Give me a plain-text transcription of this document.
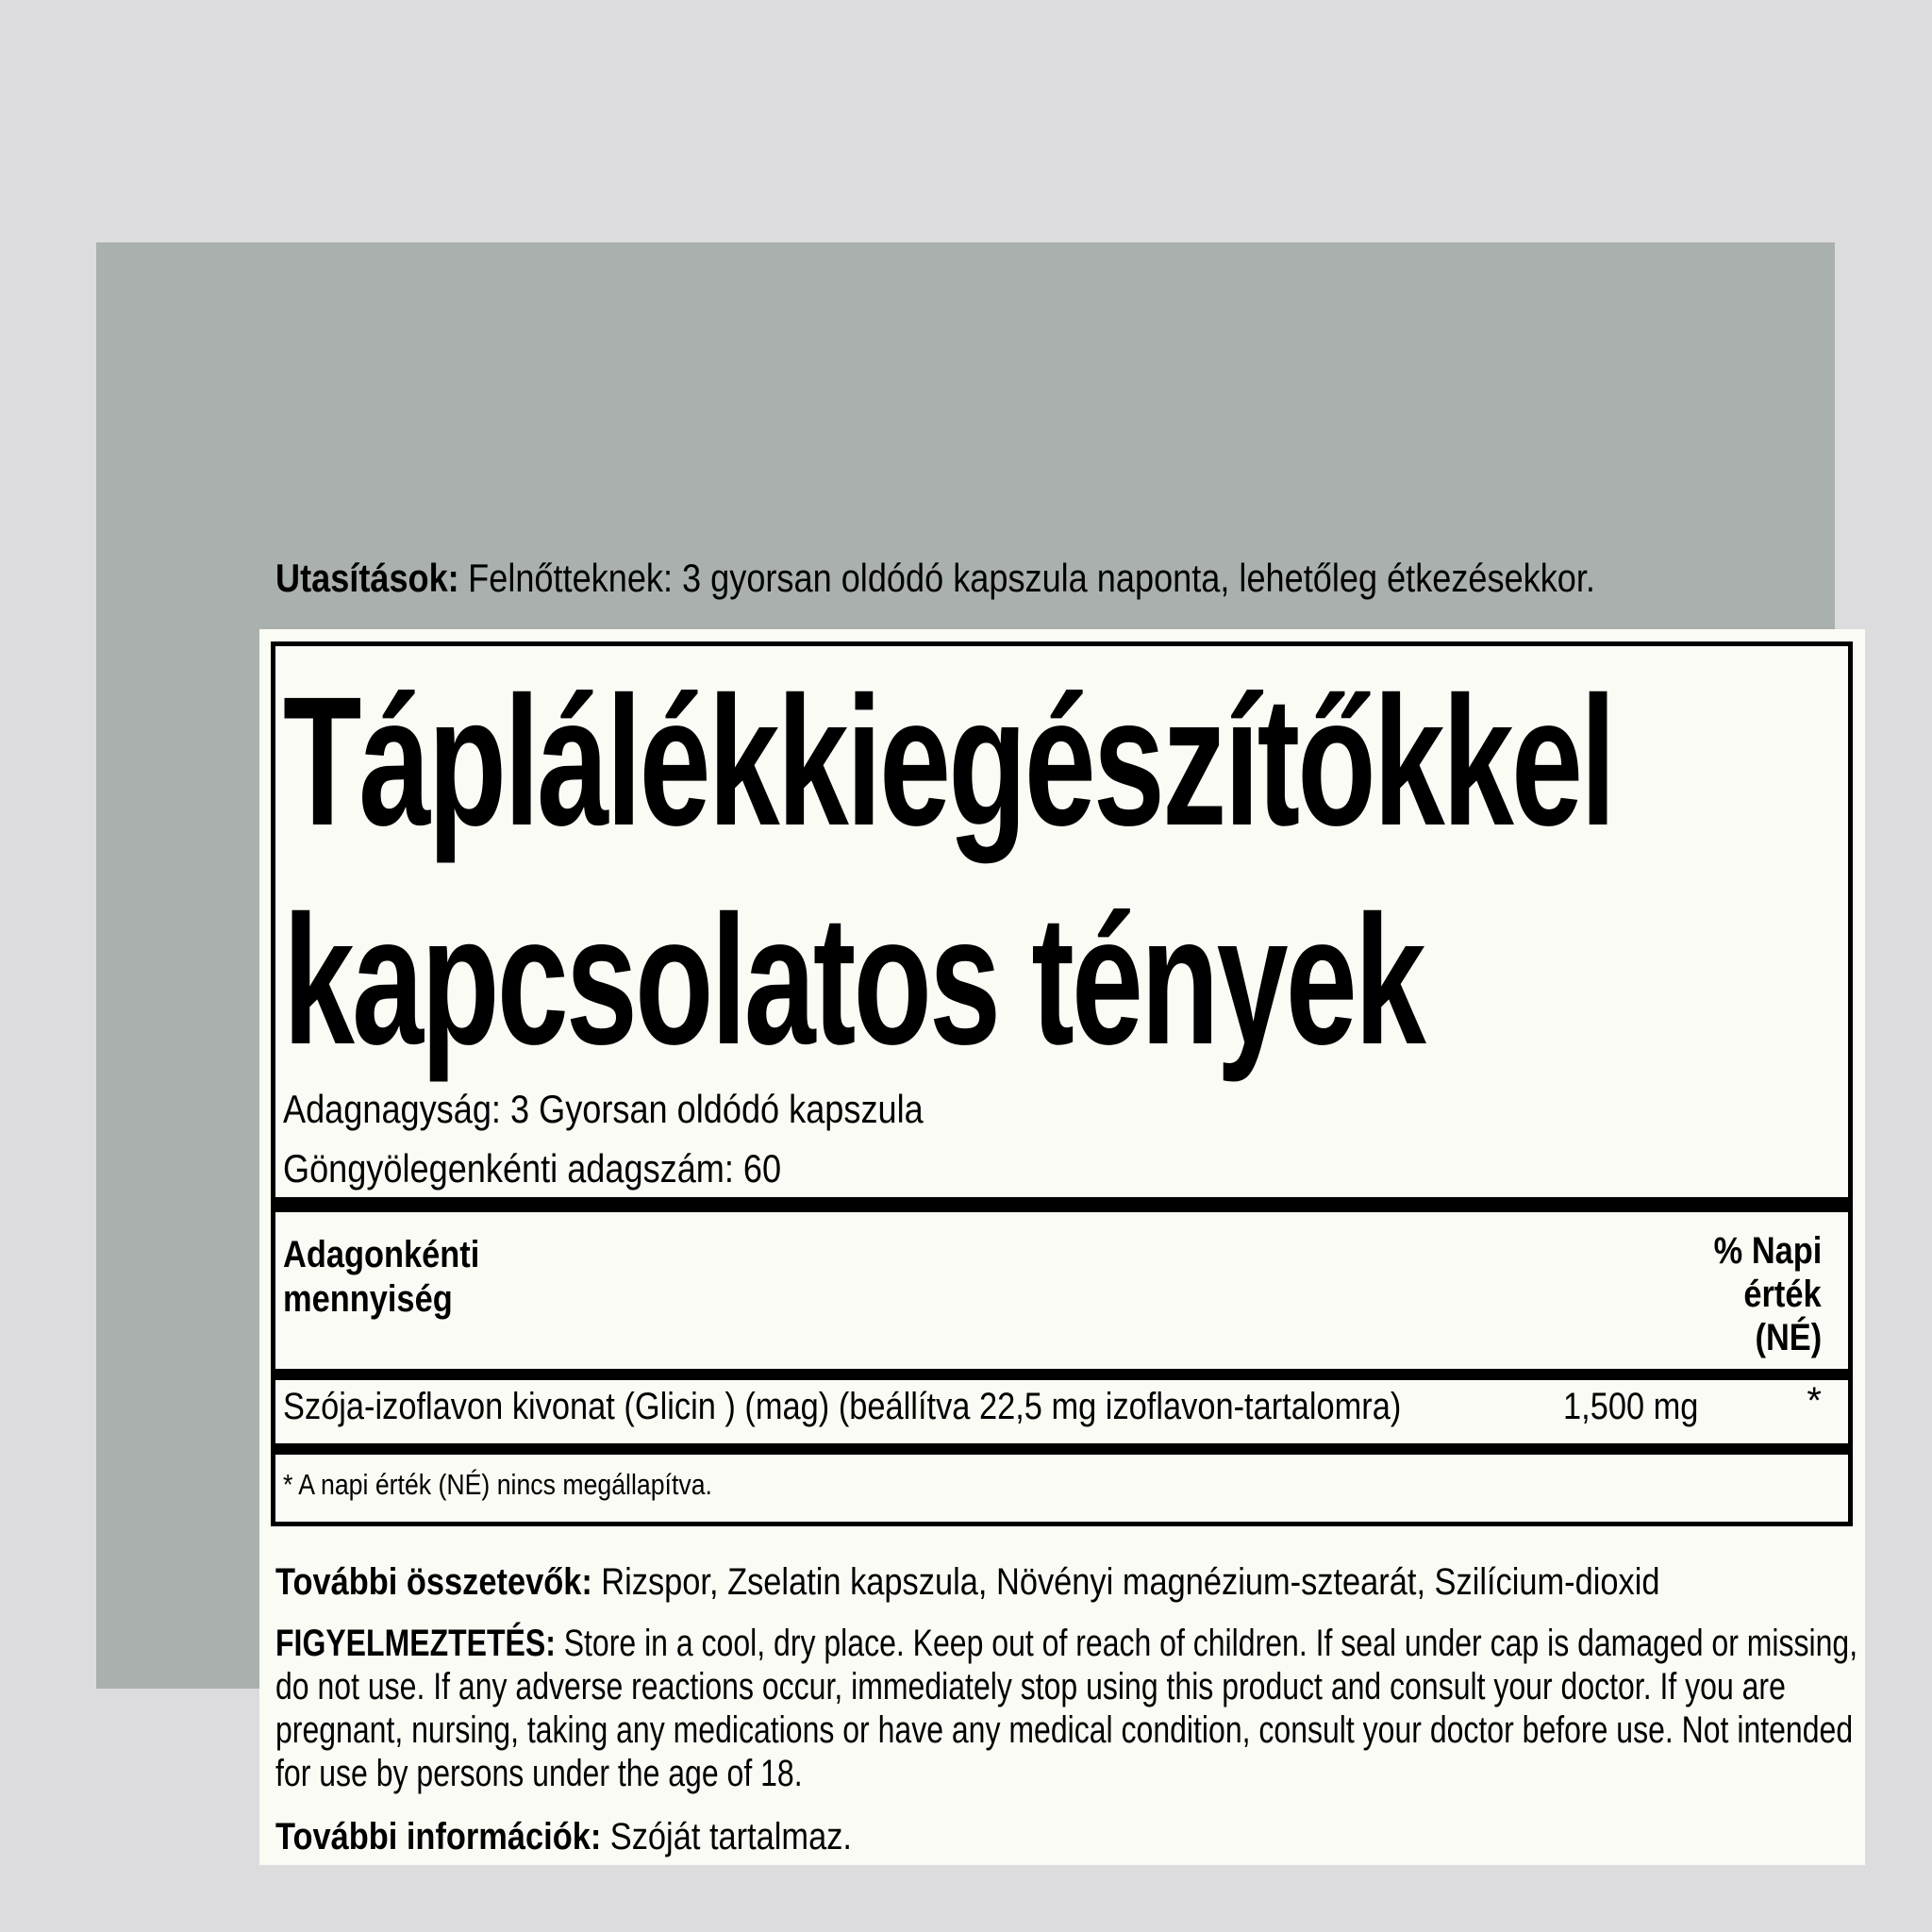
Utasítások: Felnőtteknek: 3 gyorsan oldódó kapszula naponta, lehetőleg étkezésekkor.
Táplálékkiegészítőkkel
kapcsolatos tények
Adagnagyság: 3 Gyorsan oldódó kapszula
Göngyölegenkénti adagszám: 60
Adagonkénti
mennyiség
% Napi
érték
(NÉ)
Szója-izoflavon kivonat (Glicin ) (mag) (beállítva 22,5 mg izoflavon-tartalomra)	1,500 mg	*
* A napi érték (NÉ) nincs megállapítva.
További összetevők: Rizspor, Zselatin kapszula, Növényi magnézium-sztearát, Szilícium-dioxid
FIGYELMEZTETÉS: Store in a cool, dry place. Keep out of reach of children. If seal under cap is damaged or missing, do not use. If any adverse reactions occur, immediately stop using this product and consult your doctor. If you are pregnant, nursing, taking any medications or have any medical condition, consult your doctor before use. Not intended for use by persons under the age of 18.
További információk: Szóját tartalmaz.
